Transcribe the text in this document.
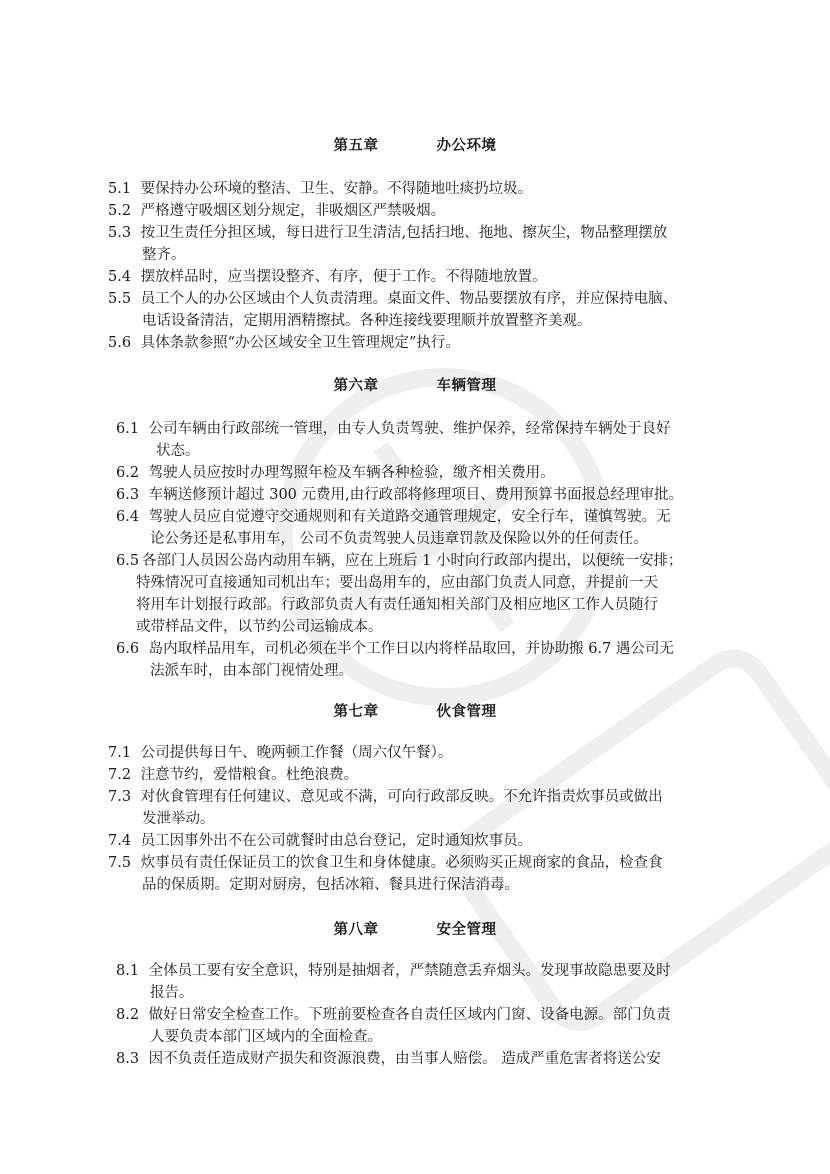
第五章	办公环境
5.1 要保持办公环境的整洁、卫生、安静。不得随地吐痰扔垃圾。
5.2 严格遵守吸烟区划分规定，非吸烟区严禁吸烟。
5.3 按卫生责任分担区域，每日进行卫生清洁,包括扫地、拖地、擦灰尘，物品整理摆放
整齐。
5.4 摆放样品时，应当摆设整齐、有序，便于工作。不得随地放置。
5.5 员工个人的办公区域由个人负责清理。桌面文件、物品要摆放有序，并应保持电脑、
电话设备清洁，定期用酒精擦拭。各种连接线要理顺并放置整齐美观。
5.6 具体条款参照“办公区域安全卫生管理规定”执行。
第六章	车辆管理
6.1 公司车辆由行政部统一管理，由专人负责驾驶、维护保养，经常保持车辆处于良好
状态。
6.2 驾驶人员应按时办理驾照年检及车辆各种检验，缴齐相关费用。
6.3 车辆送修预计超过 300 元费用,由行政部将修理项目、费用预算书面报总经理审批。
6.4 驾驶人员应自觉遵守交通规则和有关道路交通管理规定，安全行车，谨慎驾驶。无
论公务还是私事用车， 公司不负责驾驶人员违章罚款及保险以外的任何责任。
6.5 各部门人员因公岛内动用车辆，应在上班后 1 小时向行政部内提出，以便统一安排；
特殊情况可直接通知司机出车；要出岛用车的，应由部门负责人同意，并提前一天
将用车计划报行政部。行政部负责人有责任通知相关部门及相应地区工作人员随行
或带样品文件，以节约公司运输成本。
6.6 岛内取样品用车，司机必须在半个工作日以内将样品取回，并协助搬 6.7 遇公司无
法派车时，由本部门视情处理。
第七章	伙食管理
7.1 公司提供每日午、晚两顿工作餐（周六仅午餐）。
7.2 注意节约，爱惜粮食。杜绝浪费。
7.3 对伙食管理有任何建议、意见或不满，可向行政部反映。不允许指责炊事员或做出
发泄举动。
7.4 员工因事外出不在公司就餐时由总台登记，定时通知炊事员。
7.5 炊事员有责任保证员工的饮食卫生和身体健康。必须购买正规商家的食品，检查食
品的保质期。定期对厨房，包括冰箱、餐具进行保洁消毒。
第八章	安全管理
8.1 全体员工要有安全意识，特别是抽烟者，严禁随意丢弃烟头。发现事故隐患要及时
报告。
8.2 做好日常安全检查工作。下班前要检查各自责任区域内门窗、设备电源。部门负责
人要负责本部门区域内的全面检查。
8.3 因不负责任造成财产损失和资源浪费，由当事人赔偿。 造成严重危害者将送公安
